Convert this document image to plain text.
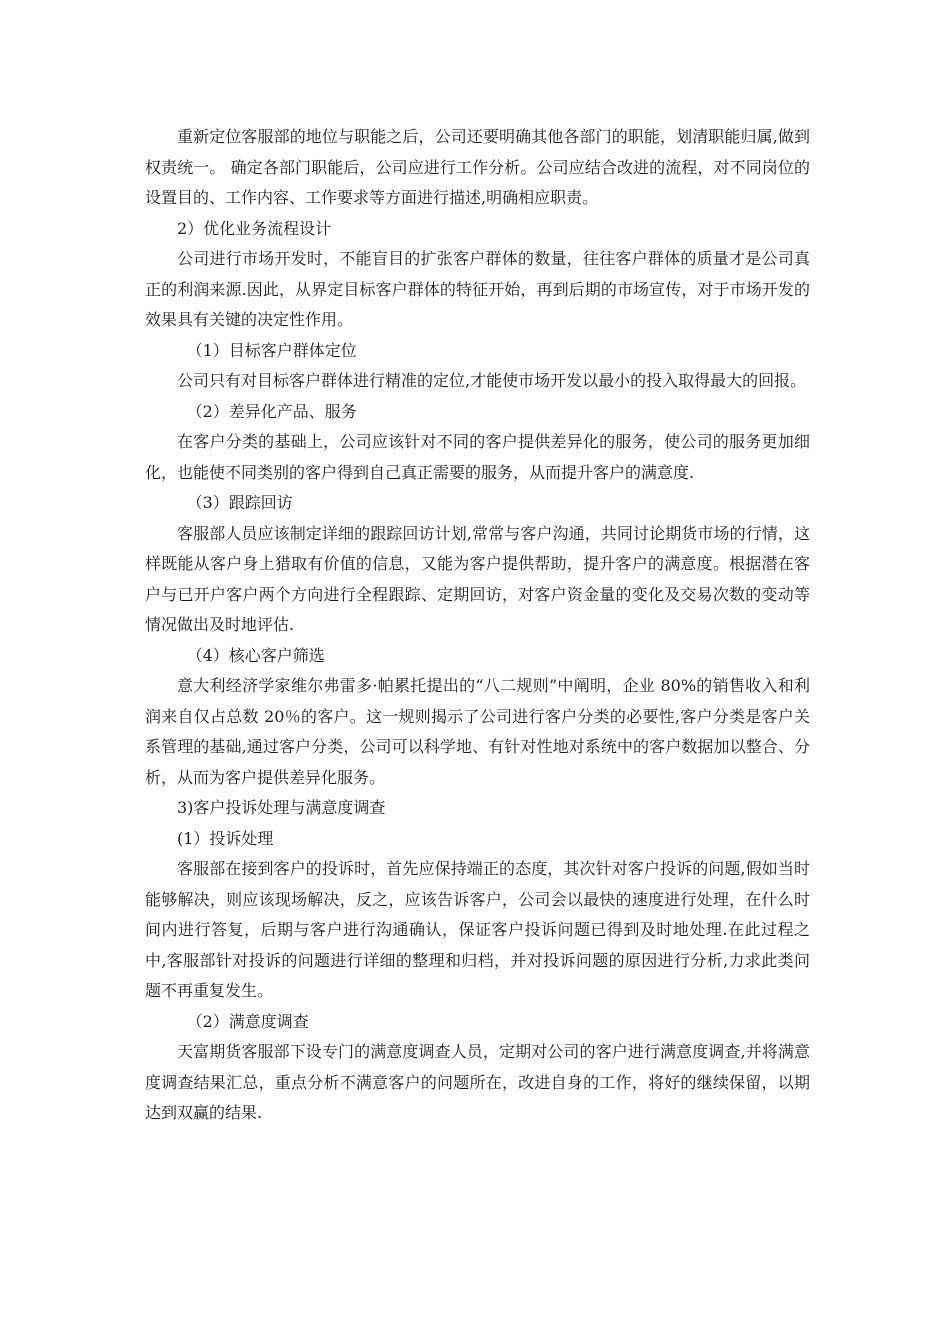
重新定位客服部的地位与职能之后，公司还要明确其他各部门的职能，划清职能归属,做到权责统一。 确定各部门职能后，公司应进行工作分析。公司应结合改进的流程，对不同岗位的设置目的、工作内容、工作要求等方面进行描述,明确相应职责。

2）优化业务流程设计

公司进行市场开发时，不能盲目的扩张客户群体的数量，往往客户群体的质量才是公司真正的利润来源.因此，从界定目标客户群体的特征开始，再到后期的市场宣传，对于市场开发的效果具有关键的决定性作用。

（1）目标客户群体定位

公司只有对目标客户群体进行精准的定位,才能使市场开发以最小的投入取得最大的回报。

（2）差异化产品、服务

在客户分类的基础上，公司应该针对不同的客户提供差异化的服务，使公司的服务更加细化，也能使不同类别的客户得到自己真正需要的服务，从而提升客户的满意度.

（3）跟踪回访

客服部人员应该制定详细的跟踪回访计划,常常与客户沟通，共同讨论期货市场的行情，这样既能从客户身上猎取有价值的信息，又能为客户提供帮助，提升客户的满意度。根据潜在客户与已开户客户两个方向进行全程跟踪、定期回访，对客户资金量的变化及交易次数的变动等情况做出及时地评估.

（4）核心客户筛选

意大利经济学家维尔弗雷多·帕累托提出的“八二规则”中阐明，企业 80%的销售收入和利润来自仅占总数 20％的客户。这一规则揭示了公司进行客户分类的必要性,客户分类是客户关系管理的基础,通过客户分类，公司可以科学地、有针对性地对系统中的客户数据加以整合、分析，从而为客户提供差异化服务。

3)客户投诉处理与满意度调查

(1）投诉处理

客服部在接到客户的投诉时，首先应保持端正的态度，其次针对客户投诉的问题,假如当时能够解决，则应该现场解决，反之，应该告诉客户，公司会以最快的速度进行处理，在什么时间内进行答复，后期与客户进行沟通确认，保证客户投诉问题已得到及时地处理.在此过程之中,客服部针对投诉的问题进行详细的整理和归档，并对投诉问题的原因进行分析,力求此类问题不再重复发生。

（2）满意度调查

天富期货客服部下设专门的满意度调查人员，定期对公司的客户进行满意度调查,并将满意度调查结果汇总，重点分析不满意客户的问题所在，改进自身的工作，将好的继续保留，以期达到双赢的结果.
